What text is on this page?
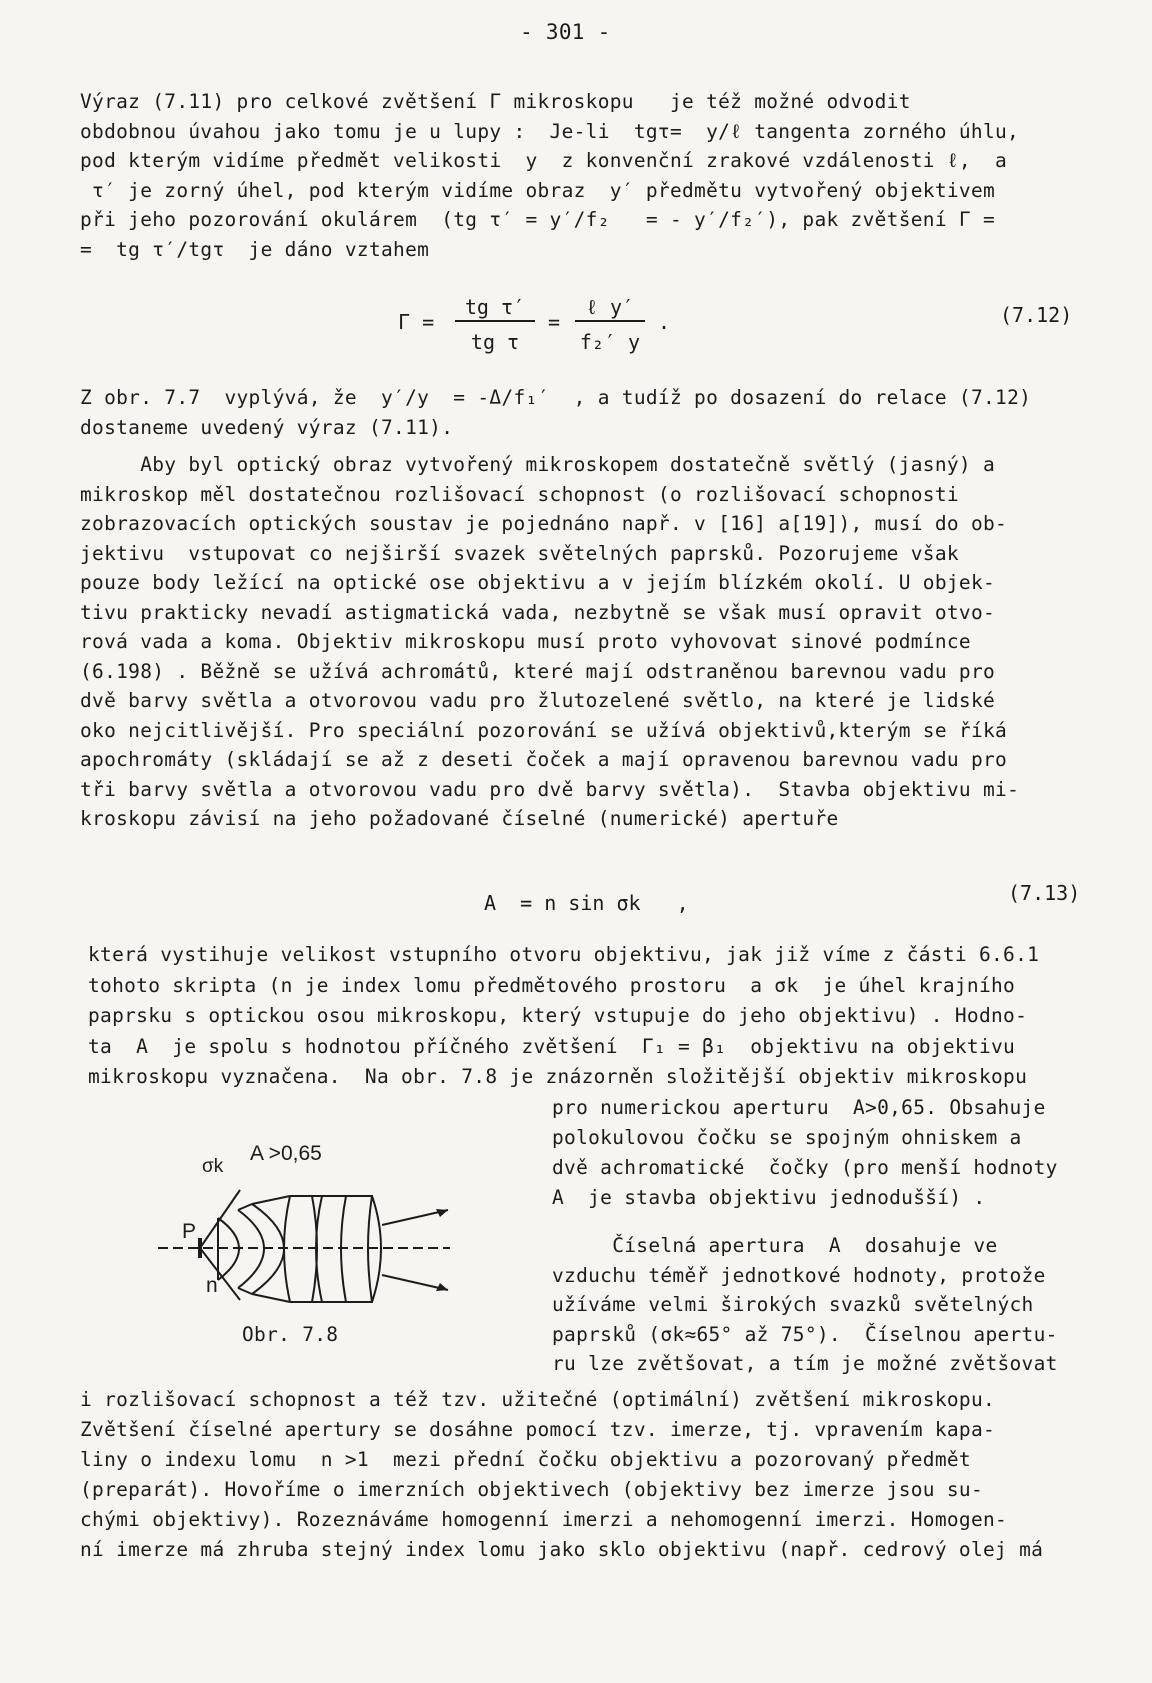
- 301 -
Výraz (7.11) pro celkové zvětšení Γ mikroskopu   je též možné odvodit
obdobnou úvahou jako tomu je u lupy :  Je-li  tgτ=  y/ℓ tangenta zorného úhlu,
pod kterým vidíme předmět velikosti  y  z konvenční zrakové vzdálenosti ℓ,  a
τ′ je zorný úhel, pod kterým vidíme obraz  y′ předmětu vytvořený objektivem
při jeho pozorování okulárem  (tg τ′ = y′/f₂   = - y′/f₂′), pak zvětšení Γ =
=  tg τ′/tgτ  je dáno vztahem
Γ =
tg τ′
tg τ
=
ℓ y′
f₂′ y
.	(7.12)
Z obr. 7.7  vyplývá, že  y′/y  = -Δ/f₁′  , a tudíž po dosazení do relace (7.12)
dostaneme uvedený výraz (7.11).
Aby byl optický obraz vytvořený mikroskopem dostatečně světlý (jasný) a
mikroskop měl dostatečnou rozlišovací schopnost (o rozlišovací schopnosti
zobrazovacích optických soustav je pojednáno např. v [16] a[19]), musí do ob-
jektivu  vstupovat co nejširší svazek světelných paprsků. Pozorujeme však
pouze body ležící na optické ose objektivu a v jejím blízkém okolí. U objek-
tivu prakticky nevadí astigmatická vada, nezbytně se však musí opravit otvo-
rová vada a koma. Objektiv mikroskopu musí proto vyhovovat sinové podmínce
(6.198) . Běžně se užívá achromátů, které mají odstraněnou barevnou vadu pro
dvě barvy světla a otvorovou vadu pro žlutozelené světlo, na které je lidské
oko nejcitlivější. Pro speciální pozorování se užívá objektivů,kterým se říká
apochromáty (skládají se až z deseti čoček a mají opravenou barevnou vadu pro
tři barvy světla a otvorovou vadu pro dvě barvy světla).  Stavba objektivu mi-
kroskopu závisí na jeho požadované číselné (numerické) apertuře
A  = n sin σk   ,	(7.13)
která vystihuje velikost vstupního otvoru objektivu, jak již víme z části 6.6.1
tohoto skripta (n je index lomu předmětového prostoru  a σk  je úhel krajního
paprsku s optickou osou mikroskopu, který vstupuje do jeho objektivu) . Hodno-
ta  A  je spolu s hodnotou příčného zvětšení  Γ₁ = β₁  objektivu na objektivu
mikroskopu vyznačena.  Na obr. 7.8 je znázorněn složitější objektiv mikroskopu
pro numerickou aperturu  A>0,65. Obsahuje
polokulovou čočku se spojným ohniskem a
dvě achromatické  čočky (pro menší hodnoty
A  je stavba objektivu jednodušší) .
A >0,65
σk
P
n
Obr. 7.8
Číselná apertura  A  dosahuje ve
vzduchu téměř jednotkové hodnoty, protože
užíváme velmi širokých svazků světelných
paprsků (σk≈65° až 75°).  Číselnou apertu-
ru lze zvětšovat, a tím je možné zvětšovat
i rozlišovací schopnost a též tzv. užitečné (optimální) zvětšení mikroskopu.
Zvětšení číselné apertury se dosáhne pomocí tzv. imerze, tj. vpravením kapa-
liny o indexu lomu  n >1  mezi přední čočku objektivu a pozorovaný předmět
(preparát). Hovoříme o imerzních objektivech (objektivy bez imerze jsou su-
chými objektivy). Rozeznáváme homogenní imerzi a nehomogenní imerzi. Homogen-
ní imerze má zhruba stejný index lomu jako sklo objektivu (např. cedrový olej má
